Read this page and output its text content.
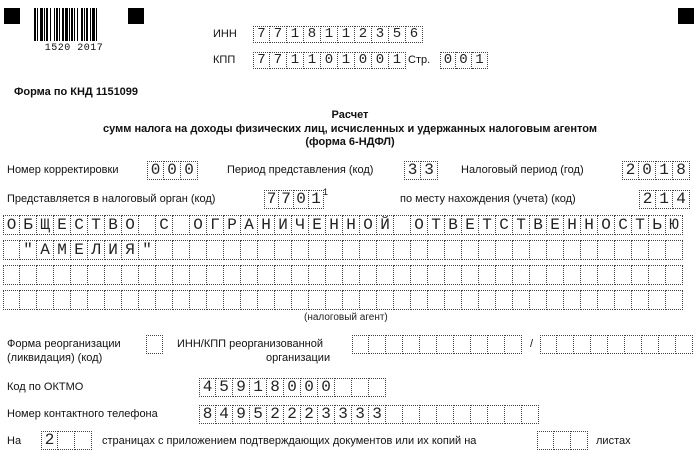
1520 2017
ИНН	7 7 1 8 1 1 2 3 5 6
КПП	7 7 1 1 0 1 0 0 1 Стр. 0 0 1
Форма по КНД 1151099
Расчет
сумм налога на доходы физических лиц, исчисленных и удержанных налоговым агентом
(форма 6-НДФЛ)
Номер корректировки 0 0 0	Период представления (код) 3 3	Налоговый период (год)	2 0 1 8
Представляется в налоговый орган (код)	7 7 0 1 1
по месту нахождения (учета) (код)	2 1 4
О Б Щ Е С Т В О С О Г Р А Н И Ч Е Н Н О Й О Т В Е Т С Т В Е Н Н О С Т Ь Ю
" А М Е Л И Я "
(налоговый агент)
Форма реорганизации
(ликвидация) (код)
ИНН/КПП реорганизованной
организации
/
Код по ОКТМО	4 5 9 1 8 0 0 0
Номер контактного телефона	8 4 9 5 2 2 2 3 3 3 3
На 2	страницах с приложением подтверждающих документов или их копий на	листах
